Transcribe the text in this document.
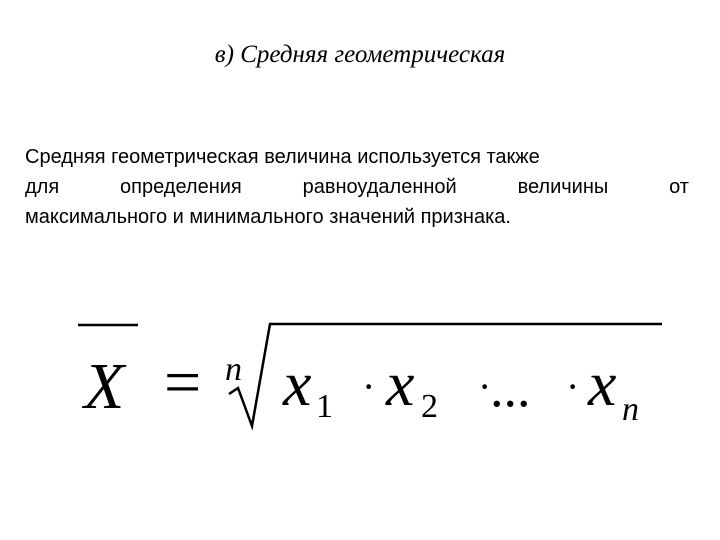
в) Средняя геометрическая
Средняя геометрическая величина используется также
для	определения	равноудаленной	величины	от
максимального и минимального значений признака.
X = n x 1 · x 2 ·
... · x n
